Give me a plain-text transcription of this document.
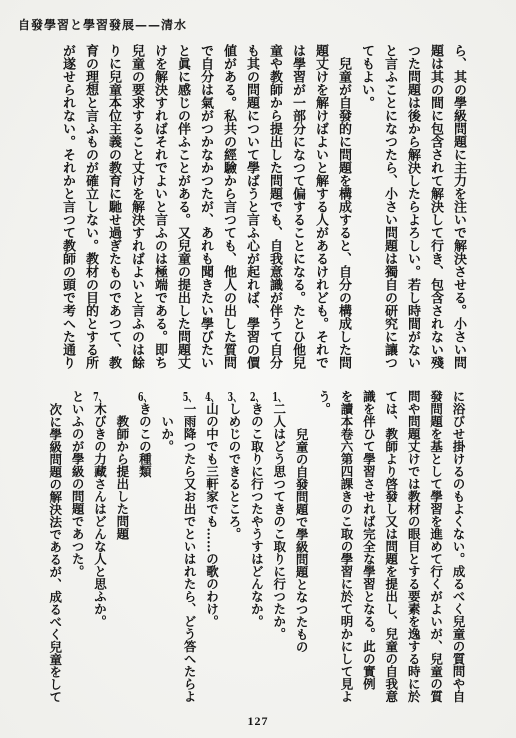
自發學習と學習發展——清水
ら、其の學級問題に主力を注いで解決させる。小さい問
題は其の間に包含されて解決して行き、包含されない殘
つた問題は後から解決したらよろしい。若し時間がない
と言ふことになつたら、小さい問題は獨自の研究に讓つ
てもよい。
兒童が自發的に問題を構成すると、自分の構成した問
題丈けを解けばよいと解する人があるけれども。それで
は學習が一部分になつて偏することになる。たとひ他兒
童や教師から提出した問題でも、自我意識が伴うて自分
も其の問題について學ばうと言ふ心が起れば、學習の價
値がある。私共の經驗から言つても、他人の出した質問
で自分は氣がつかなかつたが、あれも聞きたい學びたい
と眞に感じの伴ふことがある。又兒童の提出した問題丈
けを解決すればそれでよいと言ふのは極端である。即ち
兒童の要求すること丈けを解決すればよいと言ふのは餘
りに兒童本位主義の教育に馳せ過ぎたものであつて、教
育の理想と言ふものが確立しない。教材の目的とする所
が遂せられない。それかと言つて教師の頭で考へた通り
に浴びせ掛けるのもよくない。成るべく兒童の質問や自
發問題を基として學習を進めて行くがよいが、兒童の質
問や問題丈けでは教材の眼目とする要素を逸する時に於
ては、教師より啓發し又は問題を提出し、兒童の自我意
識を伴ひて學習させれば完全な學習となる。此の實例
を讀本卷六第四課きのこ取の學習に於て明かにして見よ
う。
兒童の自發問題で學級問題となつたもの
1、二人はどう思つてきのこ取りに行つたか。
2、きのこ取りに行つたやうすはどんなか。
3、しめじのできるところ。
4、山の中でも三軒家でも……の歌のわけ。
5、一雨降つたら又お出でといはれたら、どう答へたらよ
いか。
6、きのこの種類
教師から提出した問題
7、木びきの力藏さんはどんな人と思ふか。
といふのが學級の問題であつた。
次に學級問題の解決法であるが、成るべく兒童をして
127
